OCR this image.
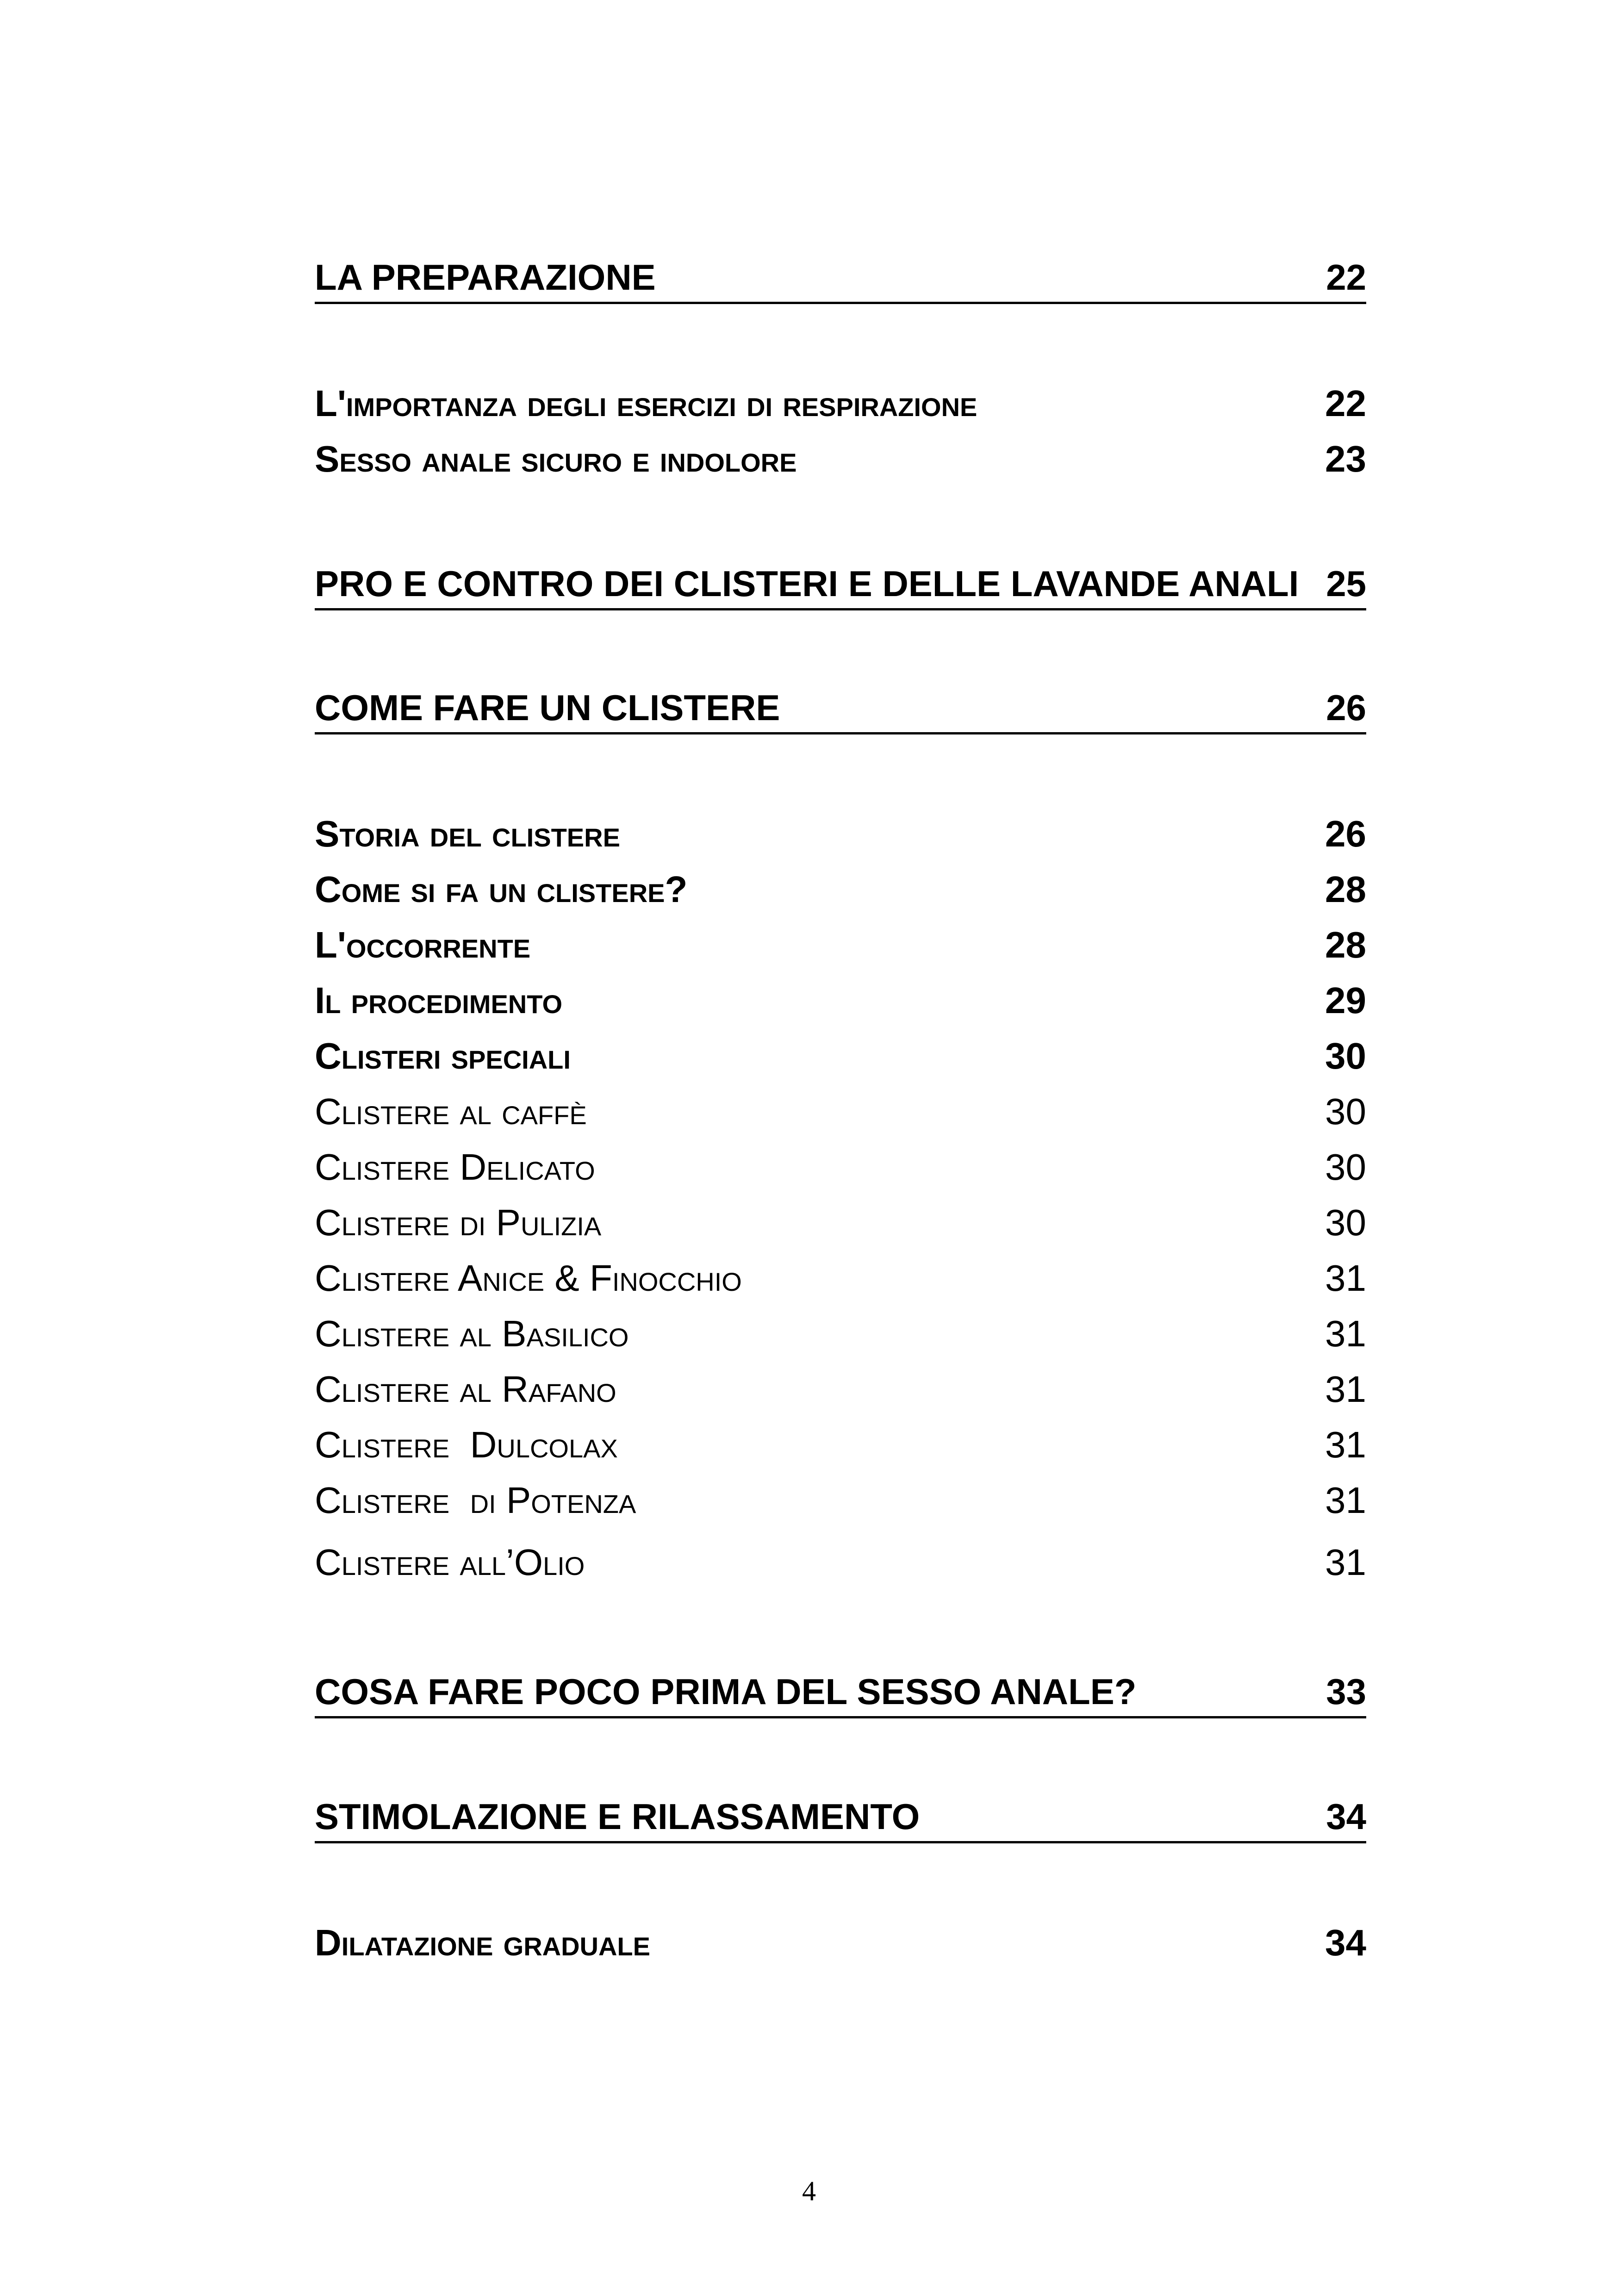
LA PREPARAZIONE	22
L'importanza degli esercizi di respirazione	22
Sesso anale sicuro e indolore	23
PRO E CONTRO DEI CLISTERI E DELLE LAVANDE ANALI 25
COME FARE UN CLISTERE	26
Storia del clistere	26
Come si fa un clistere?	28
L'occorrente	28
Il procedimento	29
Clisteri speciali	30
Clistere al caffè	30
Clistere Delicato	30
Clistere di Pulizia	30
Clistere Anice & Finocchio	31
Clistere al Basilico	31
Clistere al Rafano	31
Clistere  Dulcolax	31
Clistere  di Potenza	31
Clistere all’Olio	31
COSA FARE POCO PRIMA DEL SESSO ANALE?	33
STIMOLAZIONE E RILASSAMENTO	34
Dilatazione graduale	34
4
